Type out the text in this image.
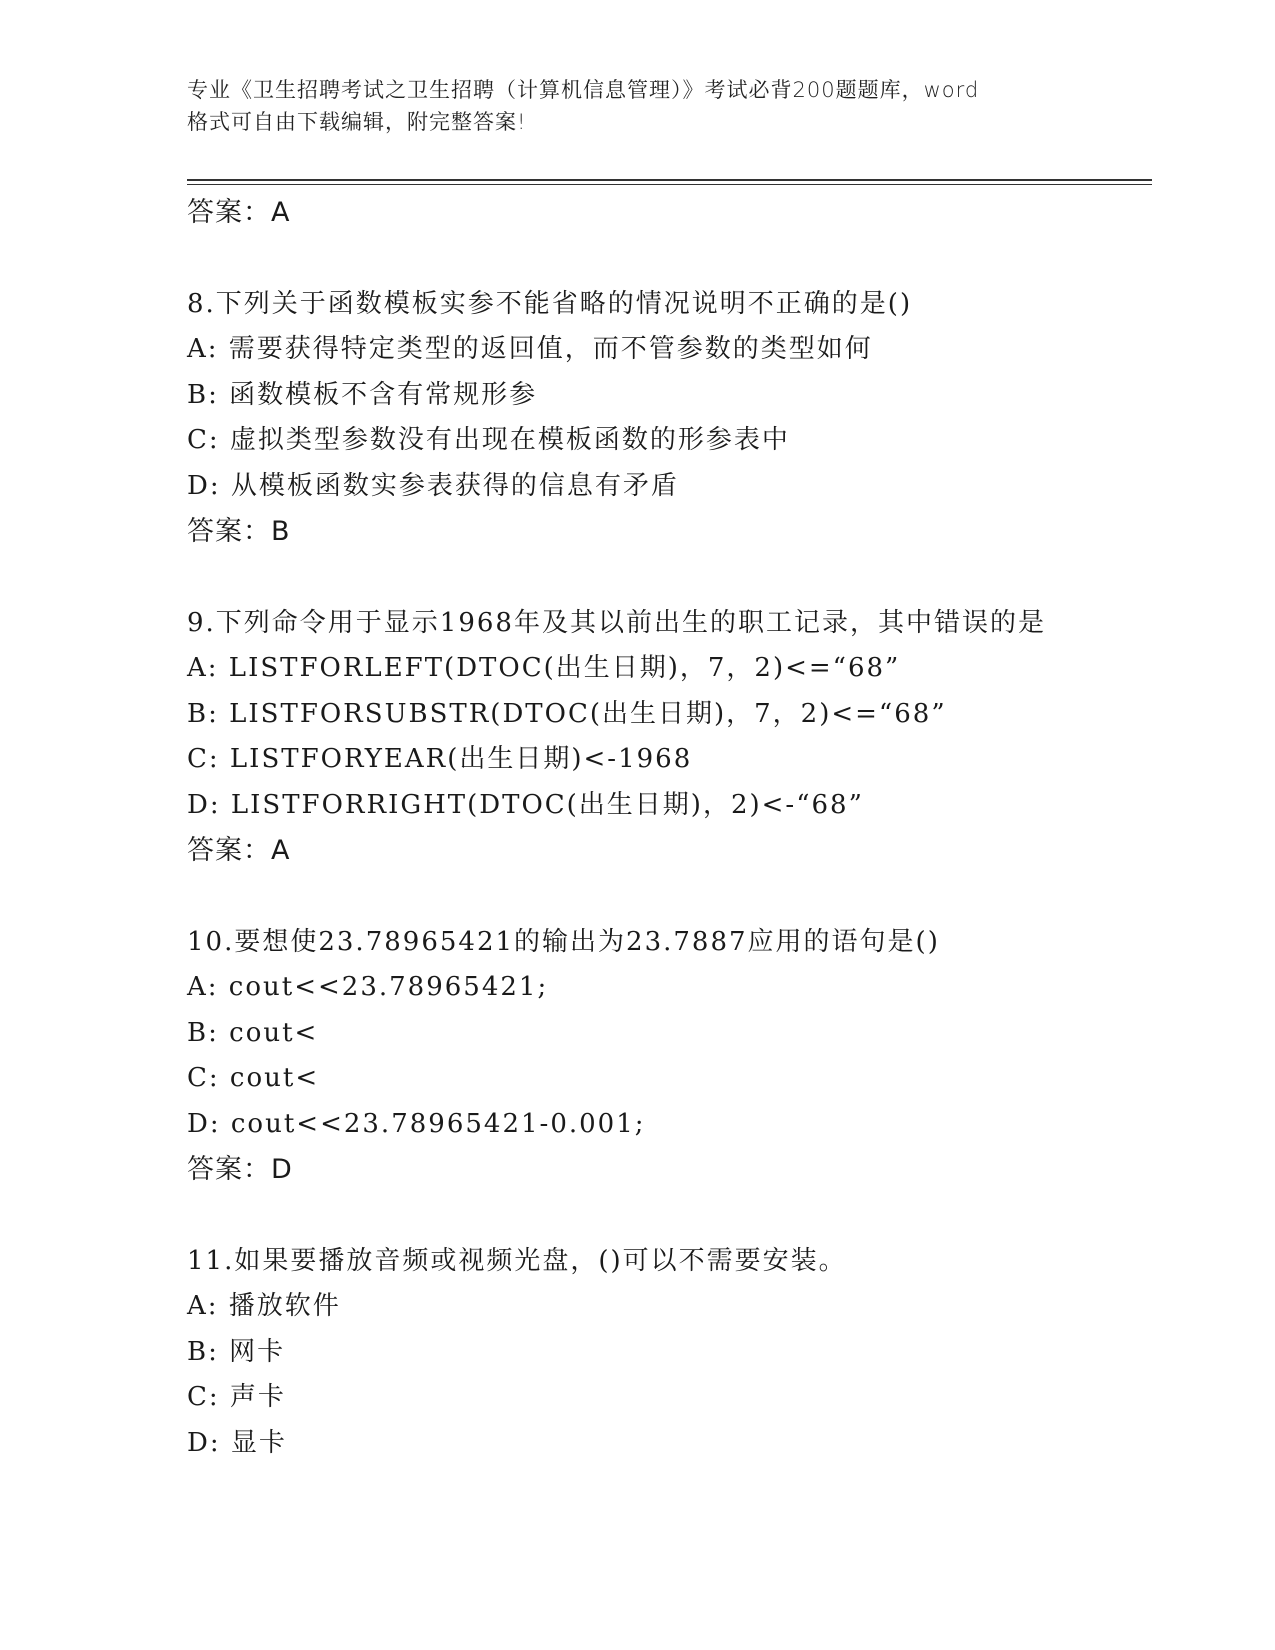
专业《卫生招聘考试之卫生招聘（计算机信息管理）》考试必背200题题库，word
格式可自由下载编辑，附完整答案!
答案：A
8.下列关于函数模板实参不能省略的情况说明不正确的是()
A: 需要获得特定类型的返回值，而不管参数的类型如何
B: 函数模板不含有常规形参
C: 虚拟类型参数没有出现在模板函数的形参表中
D: 从模板函数实参表获得的信息有矛盾
答案：B
9.下列命令用于显示1968年及其以前出生的职工记录，其中错误的是
A: LISTFORLEFT(DTOC(出生日期)，7，2)<=“68”
B: LISTFORSUBSTR(DTOC(出生日期)，7，2)<=“68”
C: LISTFORYEAR(出生日期)<-1968
D: LISTFORRIGHT(DTOC(出生日期)，2)<-“68”
答案：A
10.要想使23.78965421的输出为23.7887应用的语句是()
A: cout<<23.78965421;
B: cout<
C: cout<
D: cout<<23.78965421-0.001;
答案：D
11.如果要播放音频或视频光盘，()可以不需要安装。
A: 播放软件
B: 网卡
C: 声卡
D: 显卡
